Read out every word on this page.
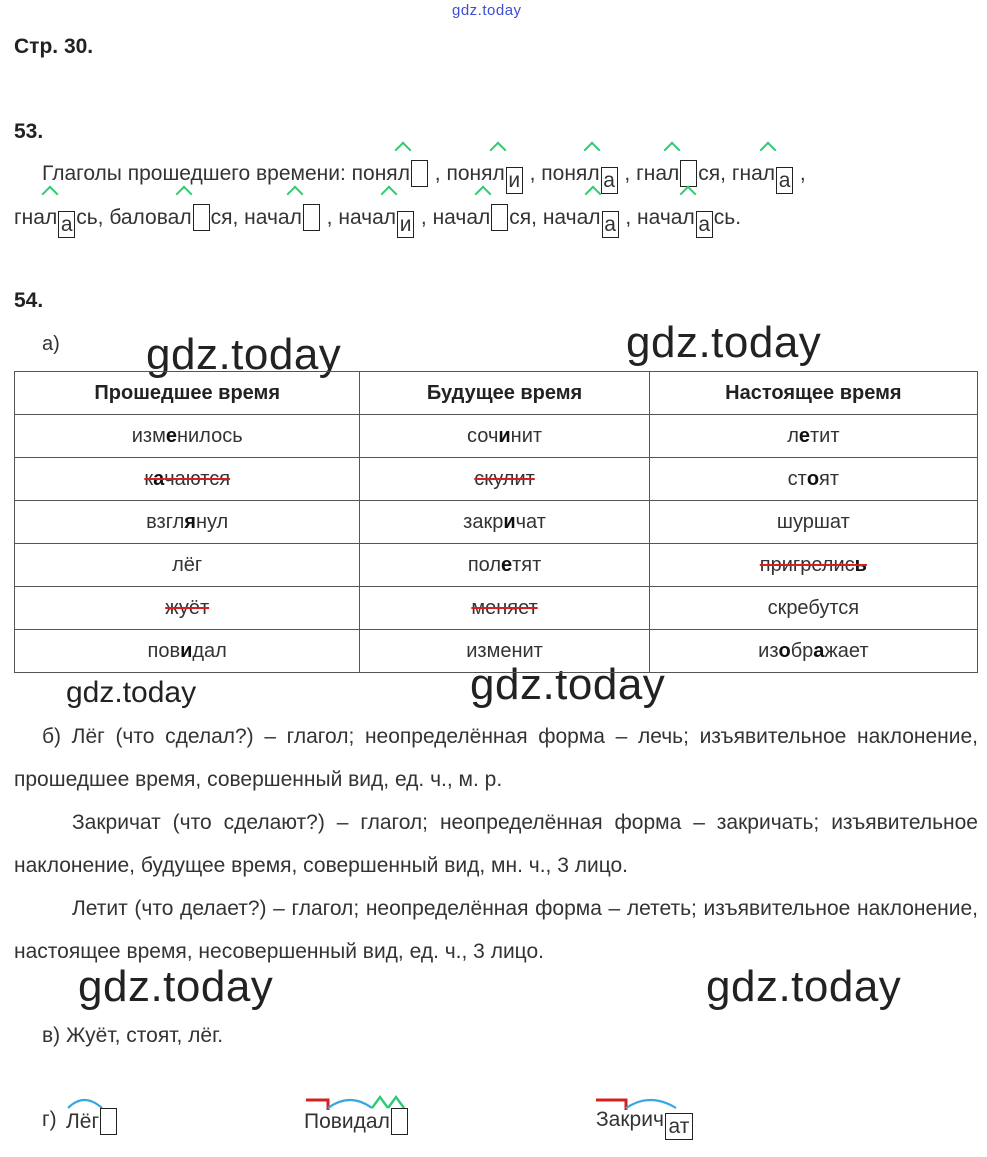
gdz.today
gdz.today	gdz.today
gdz.today	gdz.today
gdz.today	gdz.today
Стр. 30.
53.
Глаголы прошедшего времени: понял
, понял и , понял а , гнал ся, гнал а ,
гнал а сь, баловал ся, начал
, начал и , начал ся, начал а , начал а сь.
54.
а)
Прошедшее время	Будущее время	Настоящее время
изменилось	сочинит	летит
качаются	скулит	стоят
взглянул	закричат	шуршат
лёг	полетят	пригрелись
жуёт	меняет	скребутся
повидал	изменит	изображает
б) Лёг (что сделал?) – глагол; неопределённая форма – лечь; изъявительное наклонение, прошедшее время, совершенный вид, ед. ч., м. р.
Закричат (что сделают?) – глагол; неопределённая форма – закричать; изъявительное наклонение, будущее время, совершенный вид, мн. ч., 3 лицо.
Летит (что делает?) – глагол; неопределённая форма – лететь; изъявительное наклонение, настоящее время, несовершенный вид, ед. ч., 3 лицо.
в) Жуёт, стоят, лёг.
г) Лёг	Повидал	Закрич ат
